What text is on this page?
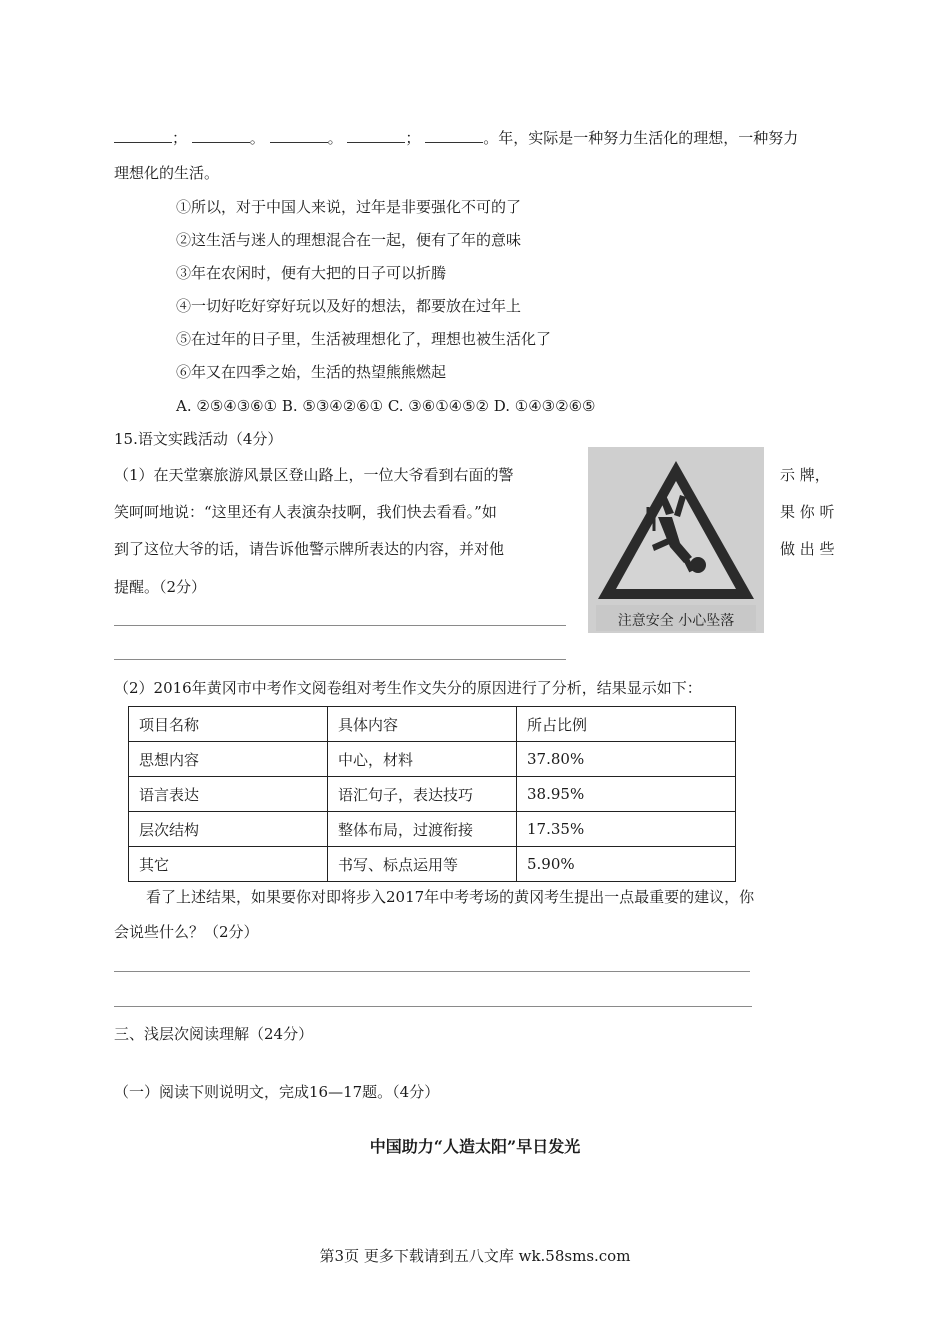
；	。	。	；	。年，实际是一种努力生活化的理想，一种努力
理想化的生活。
①所以，对于中国人来说，过年是非要强化不可的了
②这生活与迷人的理想混合在一起，便有了年的意味
③年在农闲时，便有大把的日子可以折腾
④一切好吃好穿好玩以及好的想法，都要放在过年上
⑤在过年的日子里，生活被理想化了，理想也被生活化了
⑥年又在四季之始，生活的热望熊熊燃起
A. ②⑤④③⑥① B. ⑤③④②⑥① C. ③⑥①④⑤② D. ①④③②⑥⑤
15.语文实践活动（4分）
（1）在天堂寨旅游风景区登山路上，一位大爷看到右面的警	示 牌，
笑呵呵地说：“这里还有人表演杂技啊，我们快去看看。”如	果 你 听
到了这位大爷的话，请告诉他警示牌所表达的内容，并对他	做 出 些
提醒。（2分）
注意安全 小心坠落
（2）2016年黄冈市中考作文阅卷组对考生作文失分的原因进行了分析，结果显示如下：
项目名称	具体内容	所占比例
思想内容	中心，材料	37.80%
语言表达	语汇句子，表达技巧	38.95%
层次结构	整体布局，过渡衔接	17.35%
其它	书写、标点运用等	5.90%
看了上述结果，如果要你对即将步入2017年中考考场的黄冈考生提出一点最重要的建议，你
会说些什么？（2分）
三、浅层次阅读理解（24分）
（一）阅读下则说明文，完成16—17题。（4分）
中国助力“人造太阳”早日发光
第3页 更多下载请到五八文库 wk.58sms.com
